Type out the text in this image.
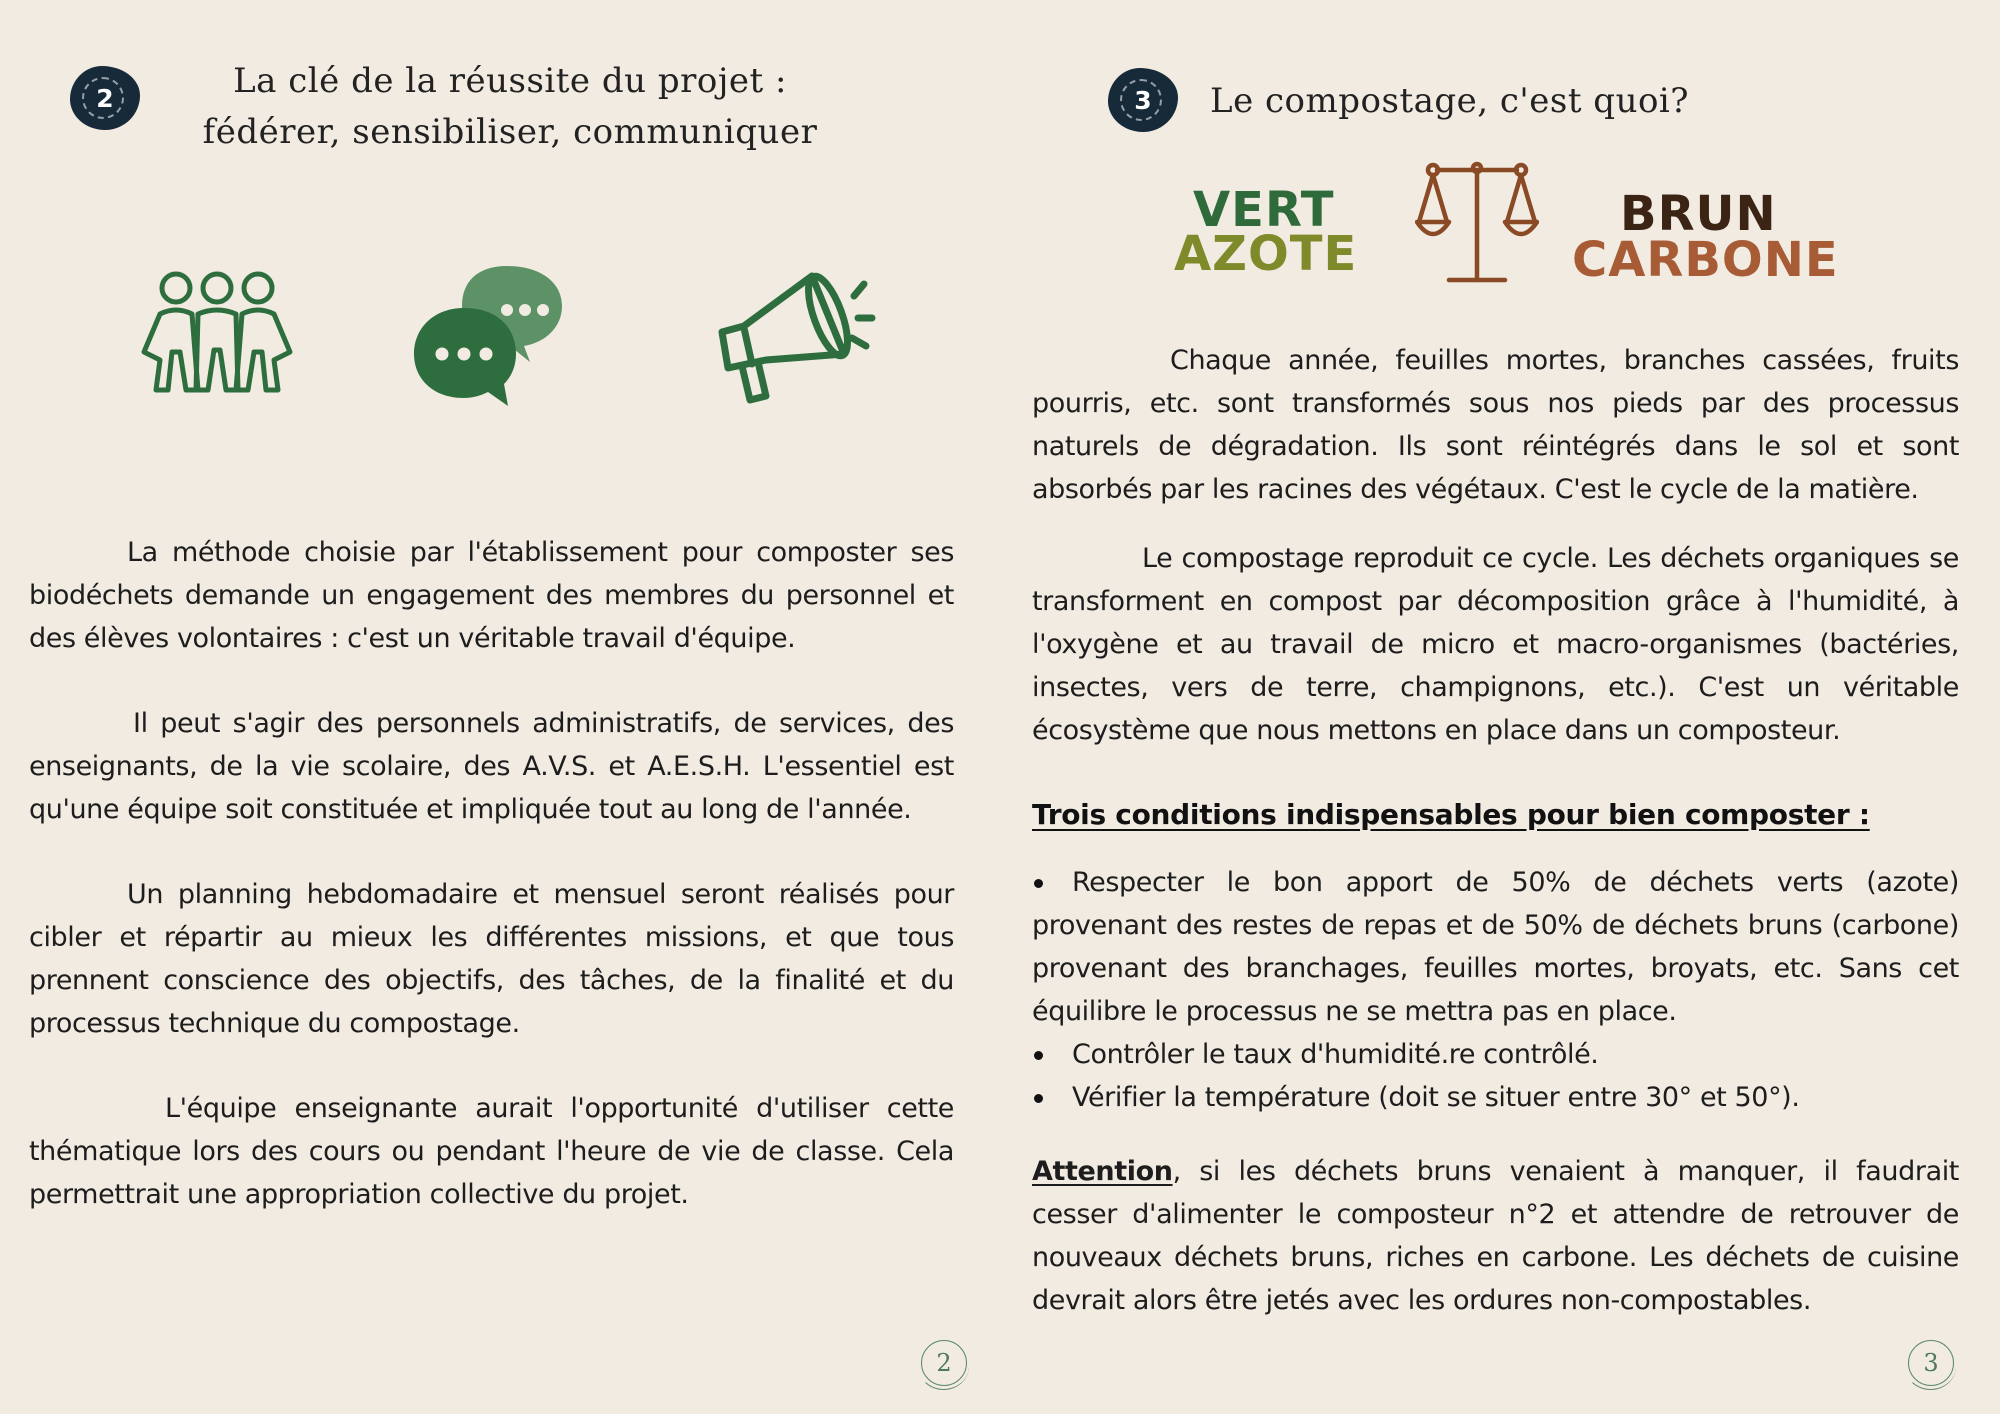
2	La clé de la réussite du projet :
fédérer, sensibiliser, communiquer

La méthode choisie par l'établissement pour composter ses biodéchets demande un engagement des membres du personnel et des élèves volontaires : c'est un véritable travail d'équipe.

Il peut s'agir des personnels administratifs, de services, des enseignants, de la vie scolaire, des A.V.S. et A.E.S.H. L'essentiel est qu'une équipe soit constituée et impliquée tout au long de l'année.

Un planning hebdomadaire et mensuel seront réalisés pour cibler et répartir au mieux les différentes missions, et que tous prennent conscience des objectifs, des tâches, de la finalité et du processus technique du compostage.

L'équipe enseignante aurait l'opportunité d'utiliser cette thématique lors des cours ou pendant l'heure de vie de classe. Cela permettrait une appropriation collective du projet.

2
3 Le compostage, c'est quoi?
VERT
AZOTE
BRUN
CARBONE

Chaque année, feuilles mortes, branches cassées, fruits pourris, etc. sont transformés sous nos pieds par des processus naturels de dégradation. Ils sont réintégrés dans le sol et sont absorbés par les racines des végétaux. C'est le cycle de la matière.

Le compostage reproduit ce cycle. Les déchets organiques se transforment en compost par décomposition grâce à l'humidité, à l'oxygène et au travail de micro et macro-organismes (bactéries, insectes, vers de terre, champignons, etc.). C'est un véritable écosystème que nous mettons en place dans un composteur.

Trois conditions indispensables pour bien composter :

Respecter le bon apport de 50% de déchets verts (azote) provenant des restes de repas et de 50% de déchets bruns (carbone) provenant des branchages, feuilles mortes, broyats, etc. Sans cet équilibre le processus ne se mettra pas en place.
Contrôler le taux d'humidité.re contrôlé.
Vérifier la température (doit se situer entre 30° et 50°).

Attention, si les déchets bruns venaient à manquer, il faudrait cesser d'alimenter le composteur n°2 et attendre de retrouver de nouveaux déchets bruns, riches en carbone. Les déchets de cuisine devrait alors être jetés avec les ordures non-compostables.

3
